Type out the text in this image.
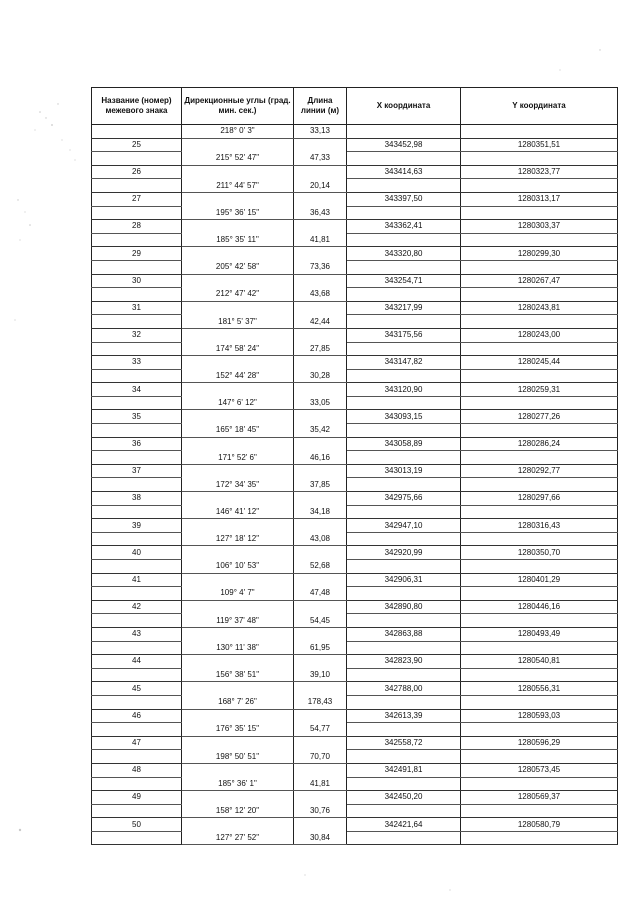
Название (номер) межевого знака	Дирекционные углы (град. мин. сек.)	Длина линии (м)	X координата	Y координата
	218° 0' 3"	33,13		
25			343452,98	1280351,51
	215° 52' 47"	47,33		
26			343414,63	1280323,77
	211° 44' 57"	20,14		
27			343397,50	1280313,17
	195° 36' 15"	36,43		
28			343362,41	1280303,37
	185° 35' 11"	41,81		
29			343320,80	1280299,30
	205° 42' 58"	73,36		
30			343254,71	1280267,47
	212° 47' 42"	43,68		
31			343217,99	1280243,81
	181° 5' 37"	42,44		
32			343175,56	1280243,00
	174° 58' 24"	27,85		
33			343147,82	1280245,44
	152° 44' 28"	30,28		
34			343120,90	1280259,31
	147° 6' 12"	33,05		
35			343093,15	1280277,26
	165° 18' 45"	35,42		
36			343058,89	1280286,24
	171° 52' 6"	46,16		
37			343013,19	1280292,77
	172° 34' 35"	37,85		
38			342975,66	1280297,66
	146° 41' 12"	34,18		
39			342947,10	1280316,43
	127° 18' 12"	43,08		
40			342920,99	1280350,70
	106° 10' 53"	52,68		
41			342906,31	1280401,29
	109° 4' 7"	47,48		
42			342890,80	1280446,16
	119° 37' 48"	54,45		
43			342863,88	1280493,49
	130° 11' 38"	61,95		
44			342823,90	1280540,81
	156° 38' 51"	39,10		
45			342788,00	1280556,31
	168° 7' 26"	178,43		
46			342613,39	1280593,03
	176° 35' 15"	54,77		
47			342558,72	1280596,29
	198° 50' 51"	70,70		
48			342491,81	1280573,45
	185° 36' 1"	41,81		
49			342450,20	1280569,37
	158° 12' 20"	30,76		
50			342421,64	1280580,79
	127° 27' 52"	30,84		
